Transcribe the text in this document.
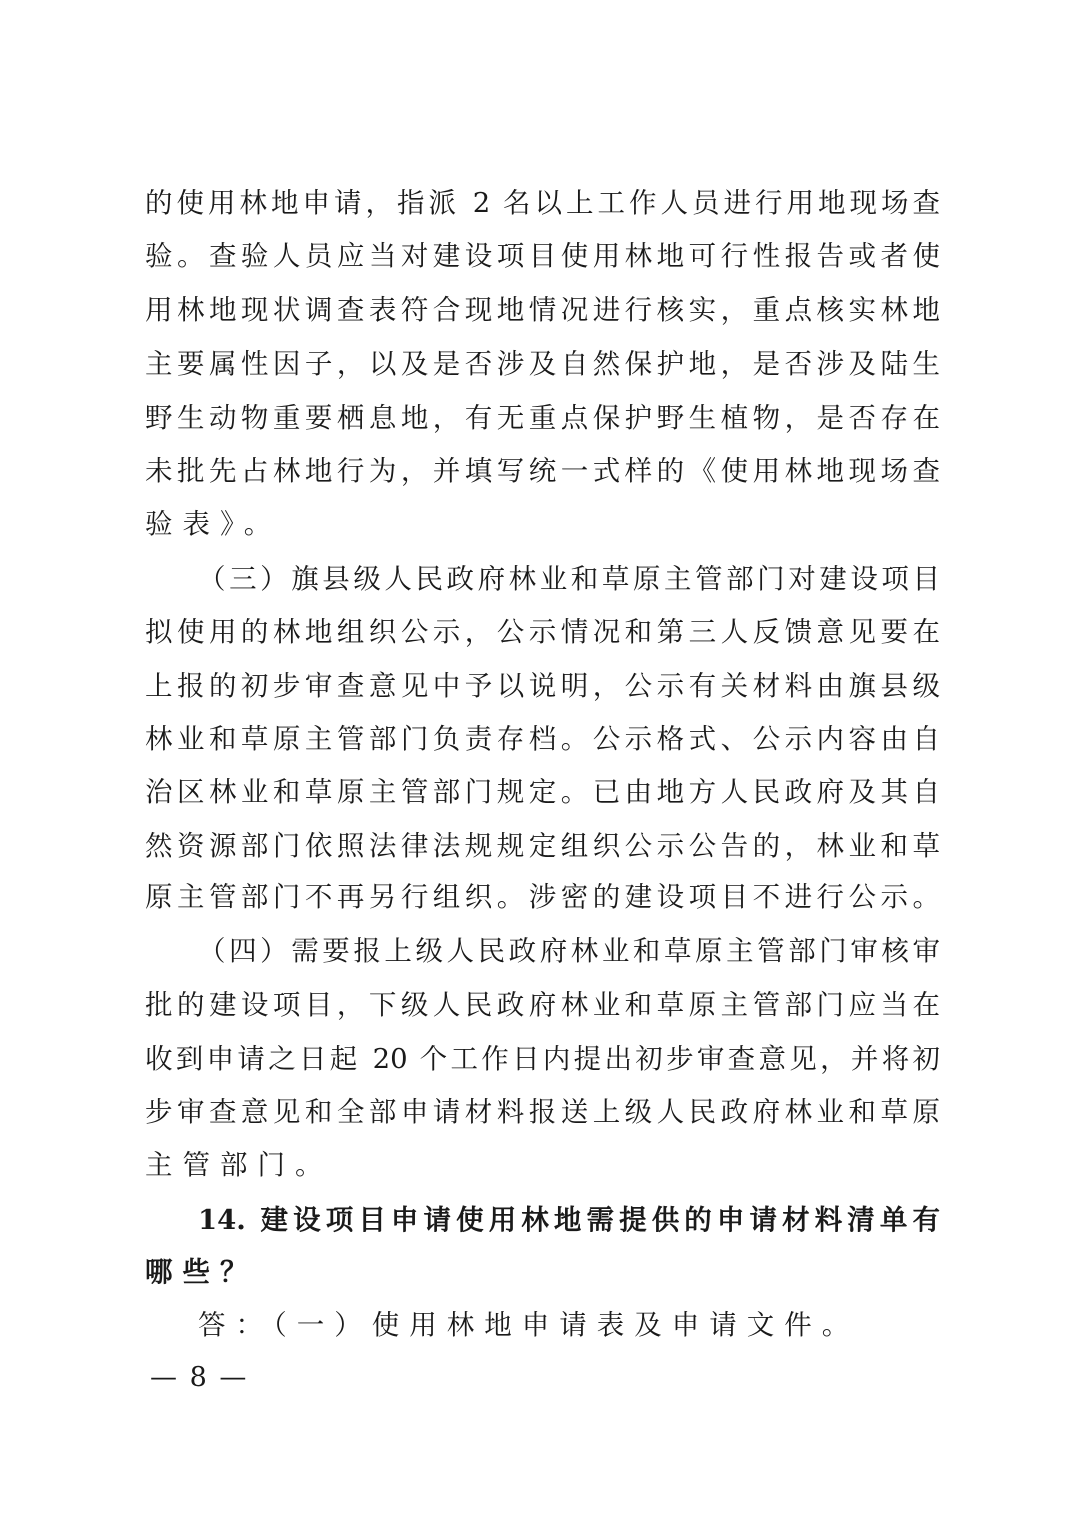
的使用林地申请，指派 2 名以上工作人员进行用地现场查
验。查验人员应当对建设项目使用林地可行性报告或者使
用林地现状调查表符合现地情况进行核实，重点核实林地
主要属性因子，以及是否涉及自然保护地，是否涉及陆生
野生动物重要栖息地，有无重点保护野生植物，是否存在
未批先占林地行为，并填写统一式样的《使用林地现场查
验表》。
（三）旗县级人民政府林业和草原主管部门对建设项目
拟使用的林地组织公示，公示情况和第三人反馈意见要在
上报的初步审查意见中予以说明，公示有关材料由旗县级
林业和草原主管部门负责存档。公示格式、公示内容由自
治区林业和草原主管部门规定。已由地方人民政府及其自
然资源部门依照法律法规规定组织公示公告的，林业和草
原主管部门不再另行组织。涉密的建设项目不进行公示。
（四）需要报上级人民政府林业和草原主管部门审核审
批的建设项目，下级人民政府林业和草原主管部门应当在
收到申请之日起 20 个工作日内提出初步审查意见，并将初
步审查意见和全部申请材料报送上级人民政府林业和草原
主管部门。
14. 建设项目申请使用林地需提供的申请材料清单有
哪些？
答：（一）使用林地申请表及申请文件。
— 8 —
